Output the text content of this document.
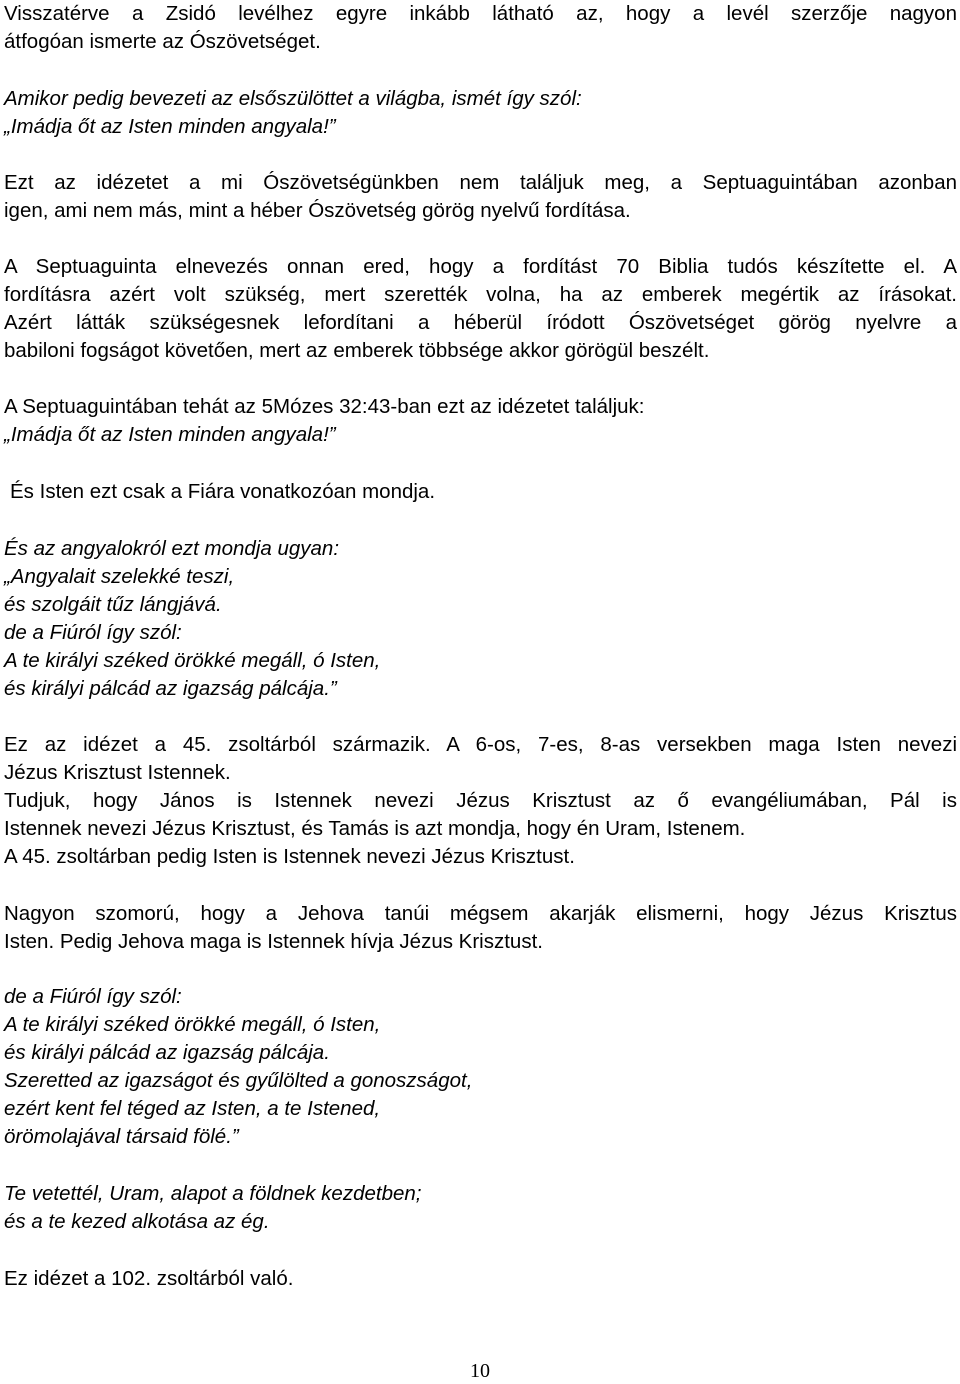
Visszatérve a Zsidó levélhez egyre inkább látható az, hogy a levél szerzője nagyon
átfogóan ismerte az Ószövetséget.
Amikor pedig bevezeti az elsőszülöttet a világba, ismét így szól:
„Imádja őt az Isten minden angyala!”
Ezt az idézetet a mi Ószövetségünkben nem találjuk meg, a Septuaguintában azonban
igen, ami nem más, mint a héber Ószövetség görög nyelvű fordítása.
A Septuaguinta elnevezés onnan ered, hogy a fordítást 70 Biblia tudós készítette el. A
fordításra azért volt szükség, mert szerették volna, ha az emberek megértik az írásokat.
Azért látták szükségesnek lefordítani a héberül íródott Ószövetséget görög nyelvre a
babiloni fogságot követően, mert az emberek többsége akkor görögül beszélt.
A Septuaguintában tehát az 5Mózes 32:43-ban ezt az idézetet találjuk:
„Imádja őt az Isten minden angyala!”
És Isten ezt csak a Fiára vonatkozóan mondja.
És az angyalokról ezt mondja ugyan:
„Angyalait szelekké teszi,
és szolgáit tűz lángjává.
de a Fiúról így szól:
A te királyi széked örökké megáll, ó Isten,
és királyi pálcád az igazság pálcája.”
Ez az idézet a 45. zsoltárból származik. A 6-os, 7-es, 8-as versekben maga Isten nevezi
Jézus Krisztust Istennek.
Tudjuk, hogy János is Istennek nevezi Jézus Krisztust az ő evangéliumában, Pál is
Istennek nevezi Jézus Krisztust, és Tamás is azt mondja, hogy én Uram, Istenem.
A 45. zsoltárban pedig Isten is Istennek nevezi Jézus Krisztust.
Nagyon szomorú, hogy a Jehova tanúi mégsem akarják elismerni, hogy Jézus Krisztus
Isten. Pedig Jehova maga is Istennek hívja Jézus Krisztust.
de a Fiúról így szól:
A te királyi széked örökké megáll, ó Isten,
és királyi pálcád az igazság pálcája.
Szeretted az igazságot és gyűlölted a gonoszságot,
ezért kent fel téged az Isten, a te Istened,
örömolajával társaid fölé.”
Te vetettél, Uram, alapot a földnek kezdetben;
és a te kezed alkotása az ég.
Ez idézet a 102. zsoltárból való.
10
